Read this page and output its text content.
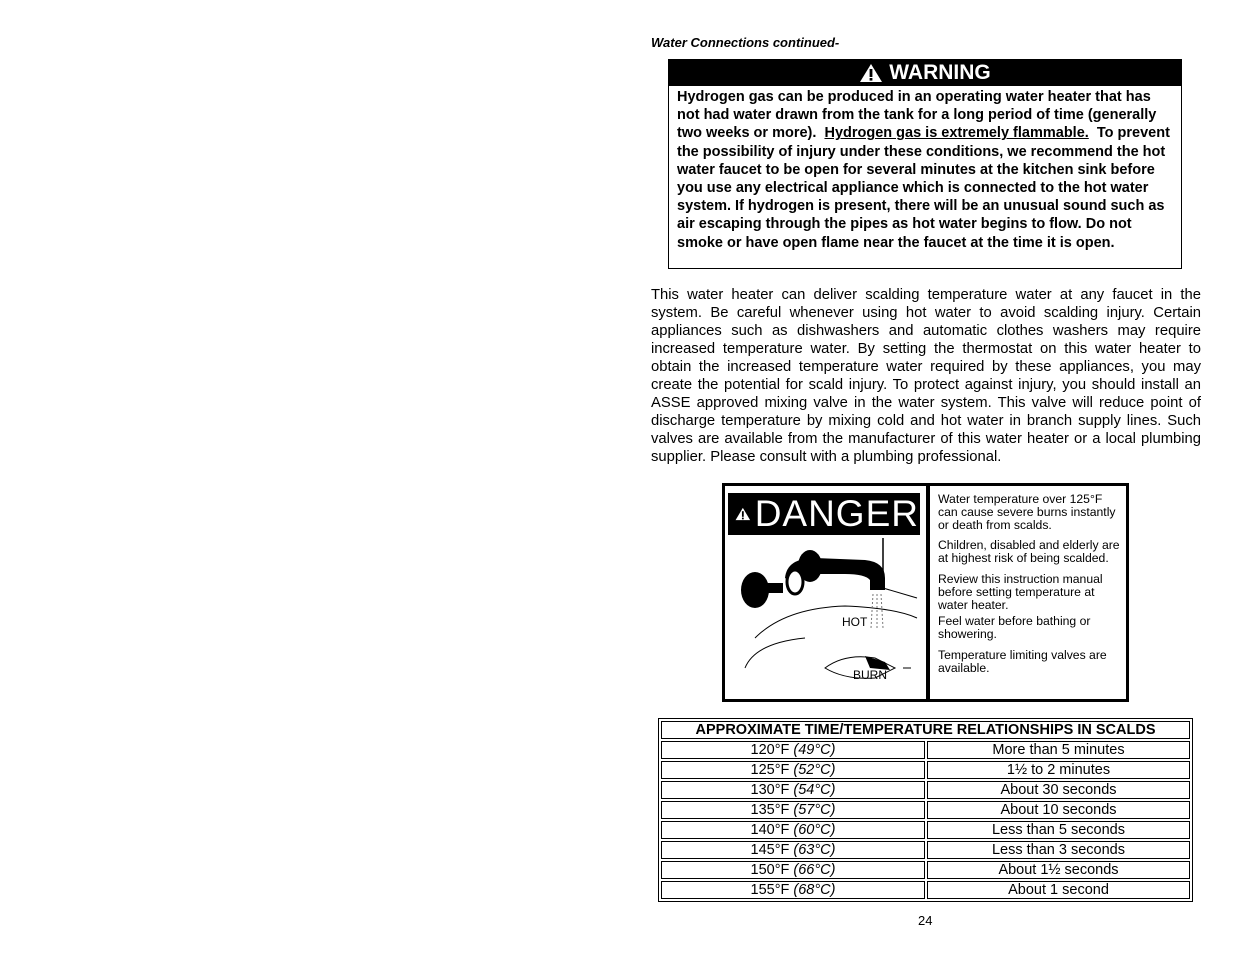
Water Connections continued-
WARNING
Hydrogen gas can be produced in an operating water heater that has not had water drawn from the tank for a long period of time (generally two weeks or more). Hydrogen gas is extremely flammable. To prevent the possibility of injury under these conditions, we recommend the hot water faucet to be open for several minutes at the kitchen sink before you use any electrical appliance which is connected to the hot water system. If hydrogen is present, there will be an unusual sound such as air escaping through the pipes as hot water begins to flow. Do not smoke or have open flame near the faucet at the time it is open.
This water heater can deliver scalding temperature water at any faucet in the system. Be careful whenever using hot water to avoid scalding injury. Certain appliances such as dishwashers and automatic clothes washers may require increased temperature water. By setting the thermostat on this water heater to obtain the increased temperature water required by these appliances, you may create the potential for scald injury. To protect against injury, you should install an ASSE approved mixing valve in the water system. This valve will reduce point of discharge temperature by mixing cold and hot water in branch supply lines. Such valves are available from the manufacturer of this water heater or a local plumbing supplier. Please consult with a plumbing professional.
DANGER
HOT
BURN

Water temperature over 125°F can cause severe burns instantly or death from scalds.

Children, disabled and elderly are at highest risk of being scalded.

Review this instruction manual before setting temperature at water heater.

Feel water before bathing or showering.

Temperature limiting valves are available.

APPROXIMATE TIME/TEMPERATURE RELATIONSHIPS IN SCALDS	
120°F (49°C)	More than 5 minutes
125°F (52°C)	1½ to 2 minutes
130°F (54°C)	About 30 seconds
135°F (57°C)	About 10 seconds
140°F (60°C)	Less than 5 seconds
145°F (63°C)	Less than 3 seconds
150°F (66°C)	About 1½ seconds
155°F (68°C)	About 1 second
24
